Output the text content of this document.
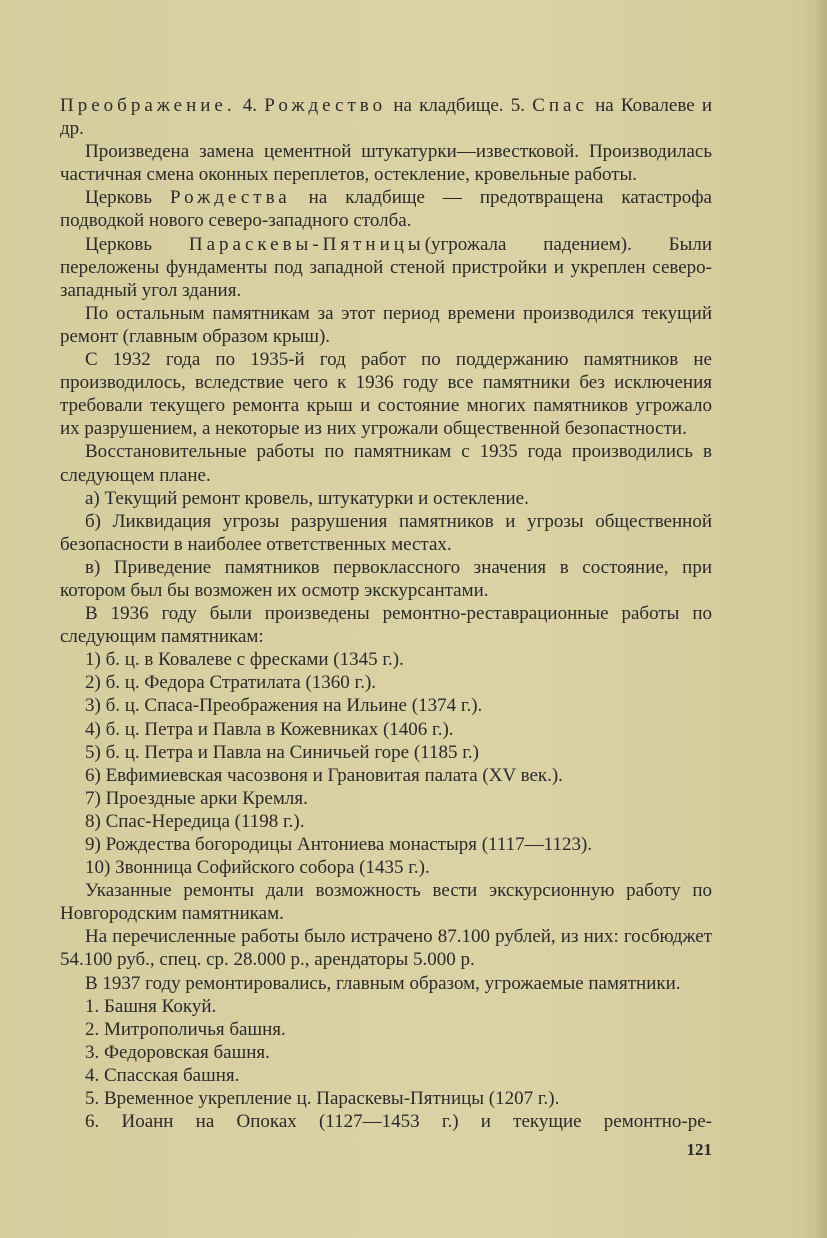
Преображение. 4. Рождество на кладбище. 5. Спас на Ковалеве и др.

Произведена замена цементной штукатурки—известковой. Производилась частичная смена оконных переплетов, остекление, кровельные работы.

Церковь Рождества на кладбище — предотвращена катастрофа подводкой нового северо-западного столба.

Церковь Параскевы-Пятницы(угрожала падением). Были переложены фундаменты под западной стеной пристройки и укреплен северо-западный угол здания.

По остальным памятникам за этот период времени производился текущий ремонт (главным образом крыш).

С 1932 года по 1935-й год работ по поддержанию памятников не производилось, вследствие чего к 1936 году все памятники без исключения требовали текущего ремонта крыш и состояние многих памятников угрожало их разрушением, а некоторые из них угрожали общественной безопастности.

Восстановительные работы по памятникам с 1935 года производились в следующем плане.

а) Текущий ремонт кровель, штукатурки и остекление.

б) Ликвидация угрозы разрушения памятников и угрозы общественной безопасности в наиболее ответственных местах.

в) Приведение памятников первоклассного значения в состояние, при котором был бы возможен их осмотр экскурсантами.

В 1936 году были произведены ремонтно-реставрационные работы по следующим памятникам:

1) б. ц. в Ковалеве с фресками (1345 г.).

2) б. ц. Федора Стратилата (1360 г.).

3) б. ц. Спаса-Преображения на Ильине (1374 г.).

4) б. ц. Петра и Павла в Кожевниках (1406 г.).

5) б. ц. Петра и Павла на Синичьей горе (1185 г.)

6) Евфимиевская часозвоня и Грановитая палата (XV век.).

7) Проездные арки Кремля.

8) Спас-Нередица (1198 г.).

9) Рождества богородицы Антониева монастыря (1117—1123).

10) Звонница Софийского собора (1435 г.).

Указанные ремонты дали возможность вести экскурсионную работу по Новгородским памятникам.

На перечисленные работы было истрачено 87.100 рублей, из них: госбюджет 54.100 руб., спец. ср. 28.000 р., арендаторы 5.000 р.

В 1937 году ремонтировались, главным образом, угрожаемые памятники.

1. Башня Кокуй.

2. Митрополичья башня.

3. Федоровская башня.

4. Спасская башня.

5. Временное укрепление ц. Параскевы-Пятницы (1207 г.).

6. Иоанн на Опоках (1127—1453 г.) и текущие ремонтно-ре-

121
